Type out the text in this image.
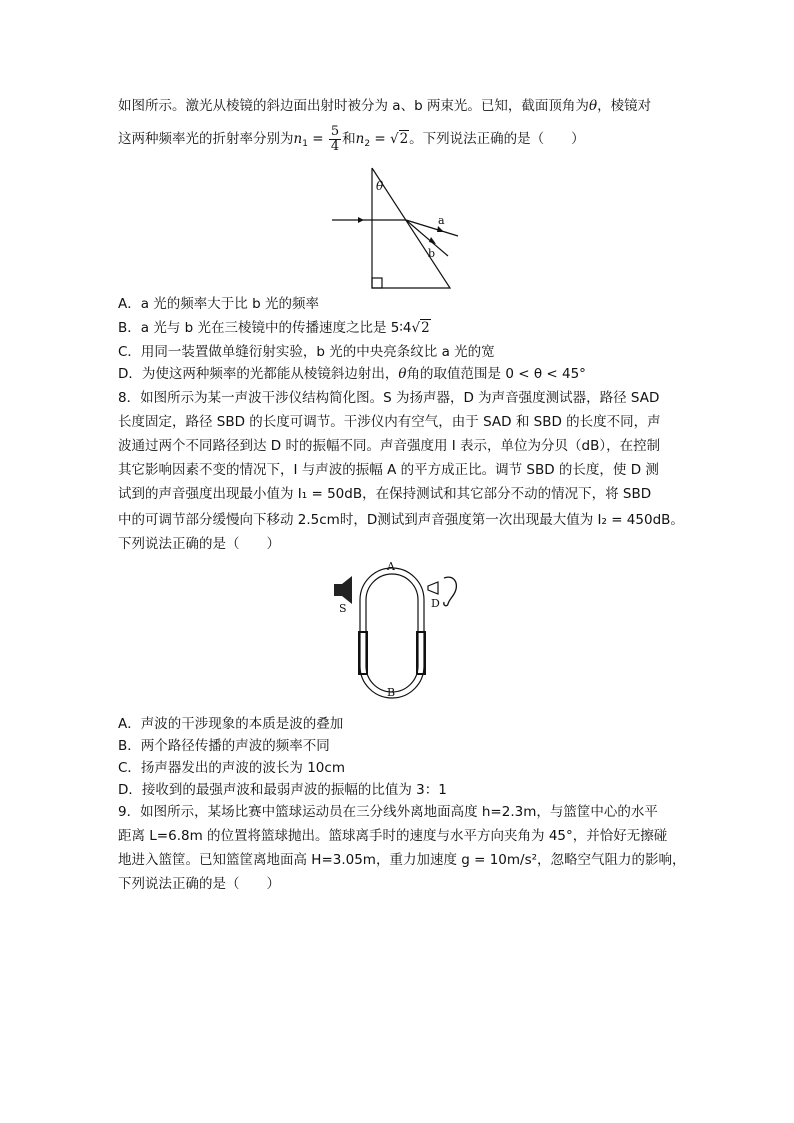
如图所示。激光从棱镜的斜边面出射时被分为 a、b 两束光。已知，截面顶角为θ，棱镜对
这两种频率光的折射率分别为$n_1 = \frac{5}{4}$ 和$n_2 = √2$。下列说法正确的是（　　）
θ
a
b
A．a 光的频率大于比 b 光的频率
B．a 光与 b 光在三棱镜中的传播速度之比是 5∶4√2
C．用同一装置做单缝衍射实验，b 光的中央亮条纹比 a 光的宽
D．为使这两种频率的光都能从棱镜斜边射出，θ角的取值范围是 0 < θ < 45°
8．如图所示为某一声波干涉仪结构简化图。S 为扬声器，D 为声音强度测试器，路径 SAD
长度固定，路径 SBD 的长度可调节。干涉仪内有空气，由于 SAD 和 SBD 的长度不同，声
波通过两个不同路径到达 D 时的振幅不同。声音强度用 I 表示，单位为分贝（dB），在控制
其它影响因素不变的情况下，I 与声波的振幅 A 的平方成正比。调节 SBD 的长度，使 D 测
试到的声音强度出现最小值为 I₁ = 50dB，在保持测试和其它部分不动的情况下，将 SBD
中的可调节部分缓慢向下移动 2.5cm时，D测试到声音强度第一次出现最大值为 I₂ = 450dB。
下列说法正确的是（　　）
A
B
S	D
A．声波的干涉现象的本质是波的叠加
B．两个路径传播的声波的频率不同
C．扬声器发出的声波的波长为 10cm
D．接收到的最强声波和最弱声波的振幅的比值为 3：1
9．如图所示，某场比赛中篮球运动员在三分线外离地面高度 h=2.3m，与篮筐中心的水平
距离 L=6.8m 的位置将篮球抛出。篮球离手时的速度与水平方向夹角为 45°，并恰好无擦碰
地进入篮筐。已知篮筐离地面高 H=3.05m，重力加速度 g = 10m/s²，忽略空气阻力的影响，
下列说法正确的是（　　）
